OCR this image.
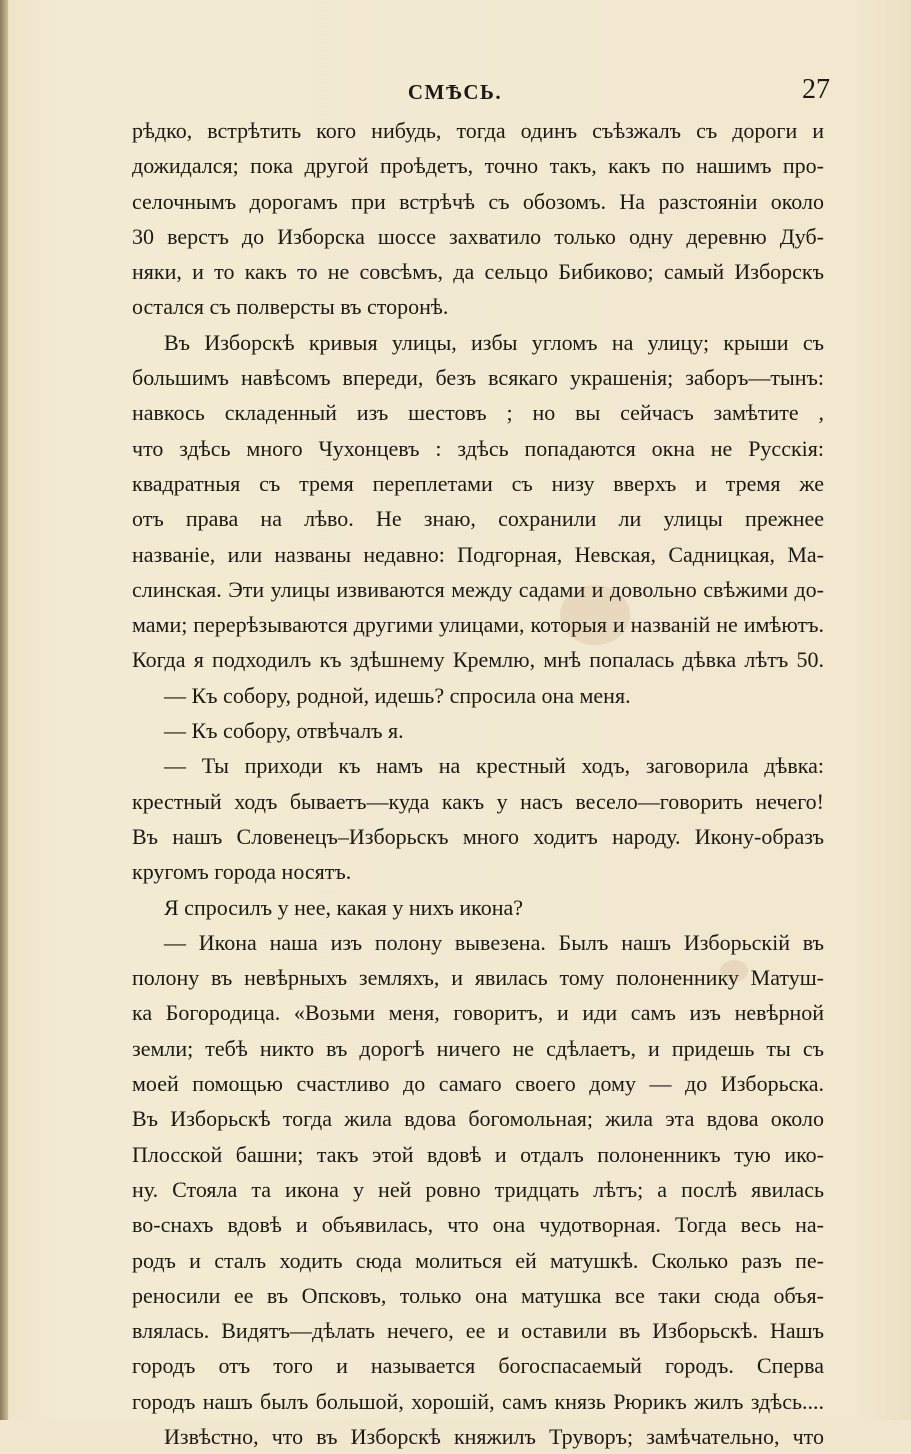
СМѢСЬ.	27
рѣдко, встрѣтить кого нибудь, тогда одинъ съѣзжалъ съ дороги и
дожидался; пока другой проѣдетъ, точно такъ, какъ по нашимъ про-
селочнымъ дорогамъ при встрѣчѣ съ обозомъ. На разстояніи около
30 верстъ до Изборска шоссе захватило только одну деревню Дуб-
няки, и то какъ то не совсѣмъ, да сельцо Бибиково; самый Изборскъ
остался съ полверсты въ сторонѣ.
Въ Изборскѣ кривыя улицы, избы угломъ на улицу; крыши съ
большимъ навѣсомъ впереди, безъ всякаго украшенія; заборъ—тынъ:
навкось складенный изъ шестовъ ; но вы сейчасъ замѣтите ,
что здѣсь много Чухонцевъ : здѣсь попадаются окна не Русскія:
квадратныя съ тремя переплетами съ низу вверхъ и тремя же
отъ права на лѣво. Не знаю, сохранили ли улицы прежнее
названіе, или названы недавно: Подгорная, Невская, Садницкая, Ма-
слинская. Эти улицы извиваются между садами и довольно свѣжими до-
мами; перерѣзываются другими улицами, которыя и названій не имѣютъ.
Когда я подходилъ къ здѣшнему Кремлю, мнѣ попалась дѣвка лѣтъ 50.
— Къ собору, родной, идешь? спросила она меня.
— Къ собору, отвѣчалъ я.
— Ты приходи къ намъ на крестный ходъ, заговорила дѣвка:
крестный ходъ бываетъ—куда какъ у насъ весело—говорить нечего!
Въ нашъ Словенецъ–Изборьскъ много ходитъ народу. Икону-образъ
кругомъ города носятъ.
Я спросилъ у нее, какая у нихъ икона?
— Икона наша изъ полону вывезена. Былъ нашъ Изборьскій въ
полону въ невѣрныхъ земляхъ, и явилась тому полоненнику Матуш-
ка Богородица. «Возьми меня, говоритъ, и иди самъ изъ невѣрной
земли; тебѣ никто въ дорогѣ ничего не сдѣлаетъ, и придешь ты съ
моей помощью счастливо до самаго своего дому — до Изборьска.
Въ Изборьскѣ тогда жила вдова богомольная; жила эта вдова около
Плосской башни; такъ этой вдовѣ и отдалъ полоненникъ тую ико-
ну. Стояла та икона у ней ровно тридцать лѣтъ; а послѣ явилась
во-снахъ вдовѣ и объявилась, что она чудотворная. Тогда весь на-
родъ и сталъ ходить сюда молиться ей матушкѣ. Сколько разъ пе-
реносили ее въ Опсковъ, только она матушка все таки сюда объя-
влялась. Видятъ—дѣлать нечего, ее и оставили въ Изборьскѣ. Нашъ
городъ отъ того и называется богоспасаемый городъ. Сперва
городъ нашъ былъ большой, хорошій, самъ князь Рюрикъ жилъ здѣсь....
Извѣстно, что въ Изборскѣ княжилъ Труворъ; замѣчательно, что
